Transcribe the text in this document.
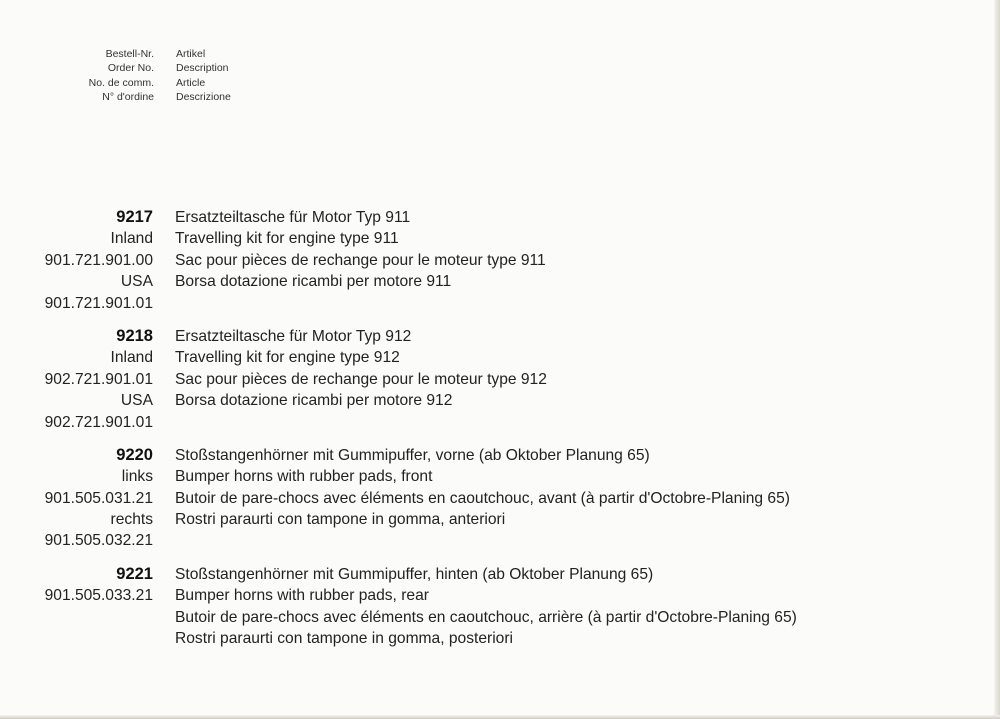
Bestell-Nr.
Order No.
No. de comm.
N° d'ordine
Artikel
Description
Article
Descrizione
9217
Inland
901.721.901.00
USA
901.721.901.01
Ersatzteiltasche für Motor Typ 911
Travelling kit for engine type 911
Sac pour pièces de rechange pour le moteur type 911
Borsa dotazione ricambi per motore 911
9218
Inland
902.721.901.01
USA
902.721.901.01
Ersatzteiltasche für Motor Typ 912
Travelling kit for engine type 912
Sac pour pièces de rechange pour le moteur type 912
Borsa dotazione ricambi per motore 912
9220
links
901.505.031.21
rechts
901.505.032.21
Stoßstangenhörner mit Gummipuffer, vorne (ab Oktober Planung 65)
Bumper horns with rubber pads, front
Butoir de pare-chocs avec éléments en caoutchouc, avant (à partir d'Octobre-Planing 65)
Rostri paraurti con tampone in gomma, anteriori
9221
901.505.033.21
Stoßstangenhörner mit Gummipuffer, hinten (ab Oktober Planung 65)
Bumper horns with rubber pads, rear
Butoir de pare-chocs avec éléments en caoutchouc, arrière (à partir d'Octobre-Planing 65)
Rostri paraurti con tampone in gomma, posteriori
